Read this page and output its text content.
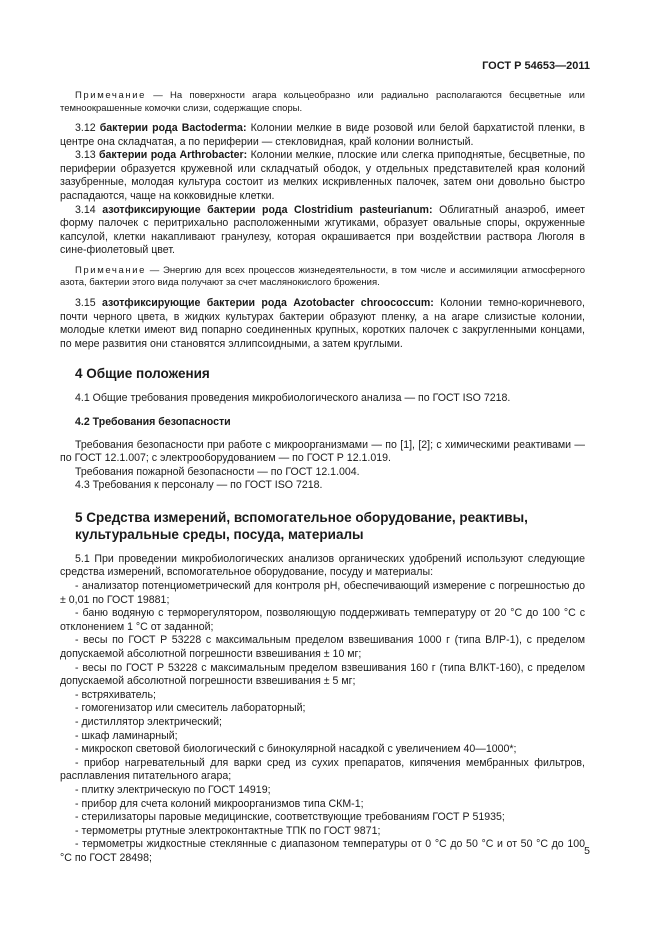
ГОСТ Р 54653—2011

Примечание — На поверхности агара кольцеобразно или радиально располагаются бесцветные или темноокрашенные комочки слизи, содержащие споры.

3.12 бактерии рода Bactoderma: Колонии мелкие в виде розовой или белой бархатистой пленки, в центре она складчатая, а по периферии — стекловидная, край колонии волнистый.

3.13 бактерии рода Arthrobacter: Колонии мелкие, плоские или слегка приподнятые, бесцветные, по периферии образуется кружевной или складчатый ободок, у отдельных представителей края колоний зазубренные, молодая культура состоит из мелких искривленных палочек, затем они довольно быстро распадаются, чаще на кокковидные клетки.

3.14 азотфиксирующие бактерии рода Clostridium pasteurianum: Облигатный анаэроб, имеет форму палочек с перитрихально расположенными жгутиками, образует овальные споры, окруженные капсулой, клетки накапливают гранулезу, которая окрашивается при воздействии раствора Люголя в сине-фиолетовый цвет.

Примечание — Энергию для всех процессов жизнедеятельности, в том числе и ассимиляции атмосферного азота, бактерии этого вида получают за счет маслянокислого брожения.

3.15 азотфиксирующие бактерии рода Azotobacter chroococcum: Колонии темно-коричневого, почти черного цвета, в жидких культурах бактерии образуют пленку, а на агаре слизистые колонии, молодые клетки имеют вид попарно соединенных крупных, коротких палочек с закругленными концами, по мере развития они становятся эллипсоидными, а затем круглыми.

4 Общие положения

4.1 Общие требования проведения микробиологического анализа — по ГОСТ ISO 7218.

4.2 Требования безопасности

Требования безопасности при работе с микроорганизмами — по [1], [2]; с химическими реактивами — по ГОСТ 12.1.007; с электрооборудованием — по ГОСТ Р 12.1.019.

Требования пожарной безопасности — по ГОСТ 12.1.004.

4.3 Требования к персоналу — по ГОСТ ISO 7218.

5 Средства измерений, вспомогательное оборудование, реактивы, культуральные среды, посуда, материалы

5.1 При проведении микробиологических анализов органических удобрений используют следующие средства измерений, вспомогательное оборудование, посуду и материалы:

- анализатор потенциометрический для контроля pH, обеспечивающий измерение с погрешностью до ± 0,01 по ГОСТ 19881;

- баню водяную с терморегулятором, позволяющую поддерживать температуру от 20 °С до 100 °С с отклонением 1 °С от заданной;

- весы по ГОСТ Р 53228 с максимальным пределом взвешивания 1000 г (типа ВЛР-1), с пределом допускаемой абсолютной погрешности взвешивания ± 10 мг;

- весы по ГОСТ Р 53228 с максимальным пределом взвешивания 160 г (типа ВЛКТ-160), с пределом допускаемой абсолютной погрешности взвешивания ± 5 мг;

- встряхиватель;

- гомогенизатор или смеситель лабораторный;

- дистиллятор электрический;

- шкаф ламинарный;

- микроскоп световой биологический с бинокулярной насадкой с увеличением 40—1000*;

- прибор нагревательный для варки сред из сухих препаратов, кипячения мембранных фильтров, расплавления питательного агара;

- плитку электрическую по ГОСТ 14919;

- прибор для счета колоний микроорганизмов типа СКМ-1;

- стерилизаторы паровые медицинские, соответствующие требованиям ГОСТ Р 51935;

- термометры ртутные электроконтактные ТПК по ГОСТ 9871;

- термометры жидкостные стеклянные с диапазоном температуры от 0 °С до 50 °С и от 50 °С до 100 °С по ГОСТ 28498;

5
